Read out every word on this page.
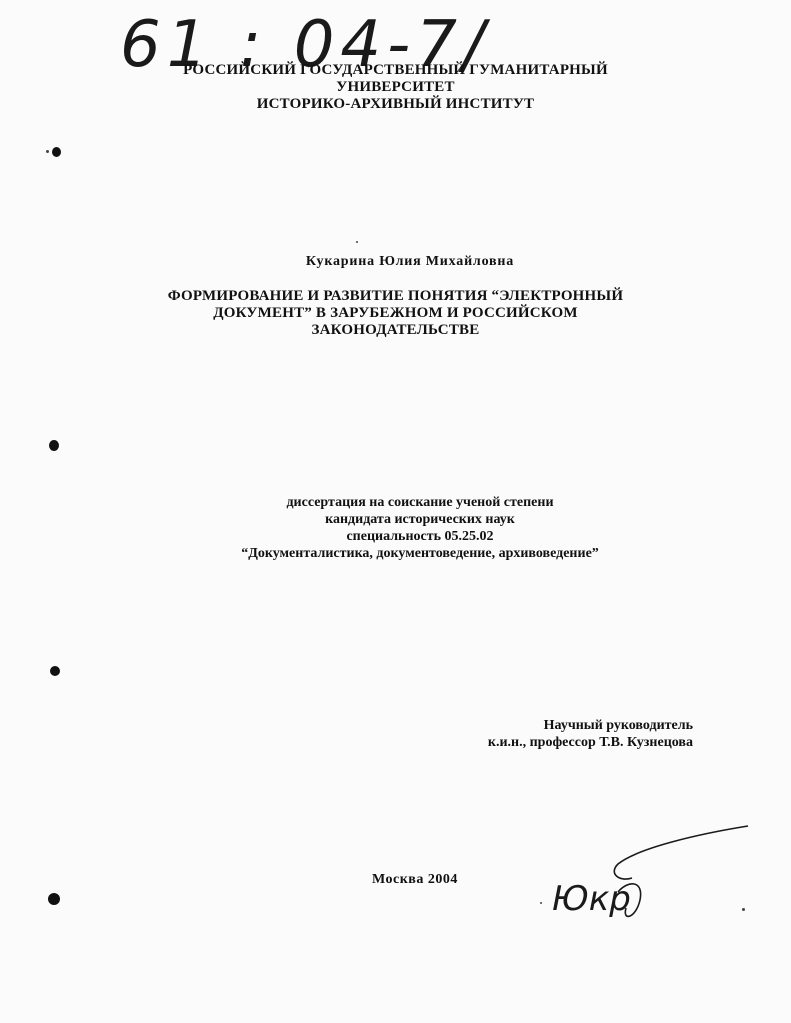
61 : 04-7/
РОССИЙСКИЙ ГОСУДАРСТВЕННЫЙ ГУМАНИТАРНЫЙ
УНИВЕРСИТЕТ
ИСТОРИКО-АРХИВНЫЙ ИНСТИТУТ
Кукарина Юлия Михайловна
ФОРМИРОВАНИЕ И РАЗВИТИЕ ПОНЯТИЯ “ЭЛЕКТРОННЫЙ
ДОКУМЕНТ” В ЗАРУБЕЖНОМ И РОССИЙСКОМ
ЗАКОНОДАТЕЛЬСТВЕ
диссертация на соискание ученой степени
кандидата исторических наук
специальность 05.25.02
“Документалистика, документоведение, архивоведение”
Научный руководитель
к.и.н., профессор Т.В. Кузнецова
Москва 2004	Юкр
